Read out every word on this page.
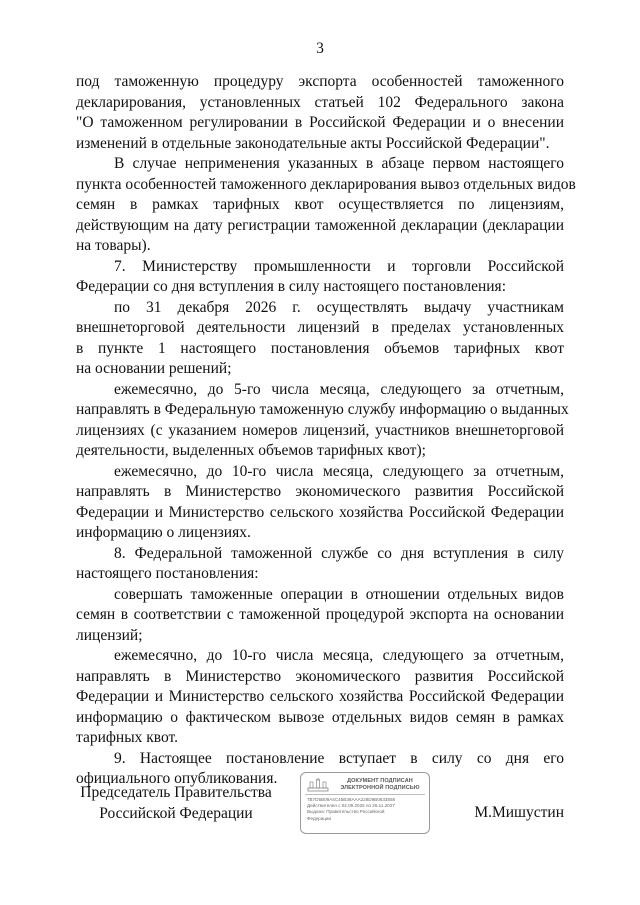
3
под таможенную процедуру экспорта особенностей таможенного
декларирования, установленных статьей 102 Федерального закона
"О таможенном регулировании в Российской Федерации и о внесении
изменений в отдельные законодательные акты Российской Федерации".
В случае неприменения указанных в абзаце первом настоящего
пункта особенностей таможенного декларирования вывоз отдельных видов
семян в рамках тарифных квот осуществляется по лицензиям,
действующим на дату регистрации таможенной декларации (декларации
на товары).
7. Министерству промышленности и торговли Российской
Федерации со дня вступления в силу настоящего постановления:
по 31 декабря 2026 г. осуществлять выдачу участникам
внешнеторговой деятельности лицензий в пределах установленных
в пункте 1 настоящего постановления объемов тарифных квот
на основании решений;
ежемесячно, до 5-го числа месяца, следующего за отчетным,
направлять в Федеральную таможенную службу информацию о выданных
лицензиях (с указанием номеров лицензий, участников внешнеторговой
деятельности, выделенных объемов тарифных квот);
ежемесячно, до 10-го числа месяца, следующего за отчетным,
направлять в Министерство экономического развития Российской
Федерации и Министерство сельского хозяйства Российской Федерации
информацию о лицензиях.
8. Федеральной таможенной службе со дня вступления в силу
настоящего постановления:
совершать таможенные операции в отношении отдельных видов
семян в соответствии с таможенной процедурой экспорта на основании
лицензий;
ежемесячно, до 10-го числа месяца, следующего за отчетным,
направлять в Министерство экономического развития Российской
Федерации и Министерство сельского хозяйства Российской Федерации
информацию о фактическом вывозе отдельных видов семян в рамках
тарифных квот.
9. Настоящее постановление вступает в силу со дня его
официального опубликования.
Председатель Правительства
Российской Федерации
ДОКУМЕНТ ПОДПИСАН
ЭЛЕКТРОННОЙ ПОДПИСЬЮ
7B7D5B09A4C45B39AAA228D9B0633558
Действителен с 02.09.2026 по 26.11.2027
Выдана: Правительство Российской
Федерации	М.Мишустин
